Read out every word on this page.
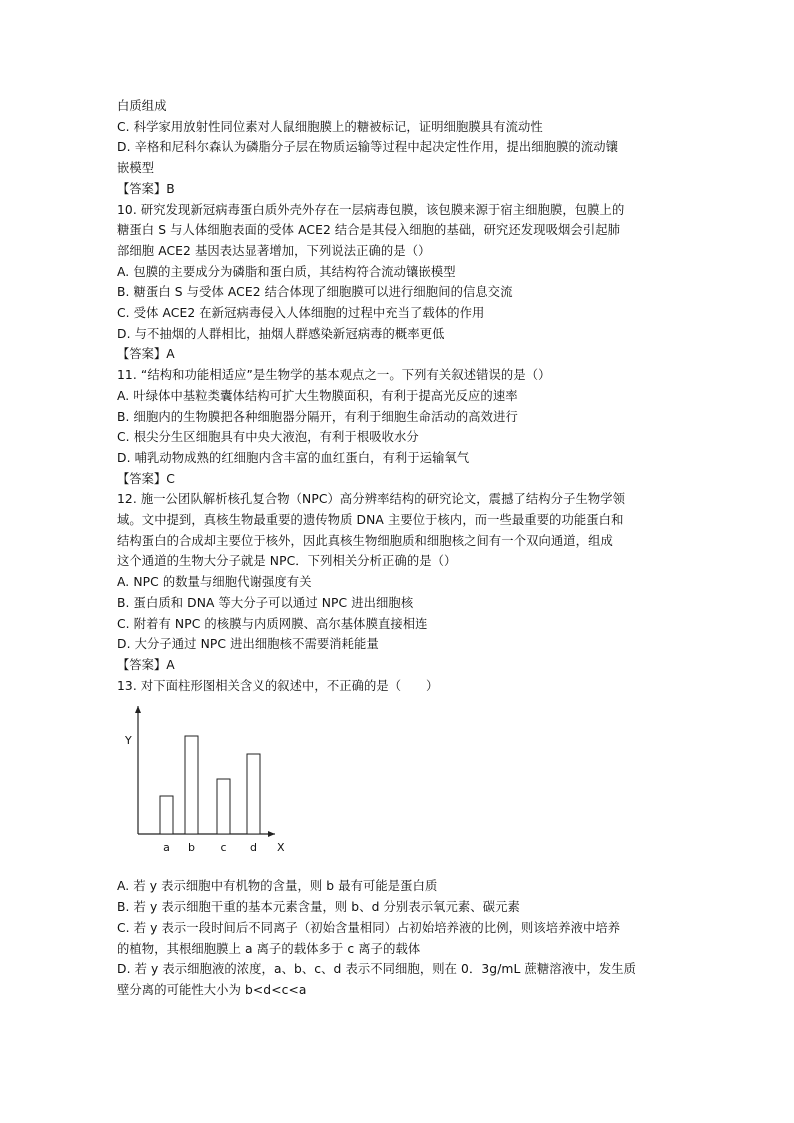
白质组成
C. 科学家用放射性同位素对人鼠细胞膜上的糖被标记，证明细胞膜具有流动性
D. 辛格和尼科尔森认为磷脂分子层在物质运输等过程中起决定性作用，提出细胞膜的流动镶
嵌模型
【答案】B
10. 研究发现新冠病毒蛋白质外壳外存在一层病毒包膜，该包膜来源于宿主细胞膜，包膜上的
糖蛋白 S 与人体细胞表面的受体 ACE2 结合是其侵入细胞的基础，研究还发现吸烟会引起肺
部细胞 ACE2 基因表达显著增加，下列说法正确的是（）
A. 包膜的主要成分为磷脂和蛋白质，其结构符合流动镶嵌模型
B. 糖蛋白 S 与受体 ACE2 结合体现了细胞膜可以进行细胞间的信息交流
C. 受体 ACE2 在新冠病毒侵入人体细胞的过程中充当了载体的作用
D. 与不抽烟的人群相比，抽烟人群感染新冠病毒的概率更低
【答案】A
11. “结构和功能相适应”是生物学的基本观点之一。下列有关叙述错误的是（）
A. 叶绿体中基粒类囊体结构可扩大生物膜面积，有利于提高光反应的速率
B. 细胞内的生物膜把各种细胞器分隔开，有利于细胞生命活动的高效进行
C. 根尖分生区细胞具有中央大液泡，有利于根吸收水分
D. 哺乳动物成熟的红细胞内含丰富的血红蛋白，有利于运输氧气
【答案】C
12. 施一公团队解析核孔复合物（NPC）高分辨率结构的研究论文，震撼了结构分子生物学领
域。文中提到，真核生物最重要的遗传物质 DNA 主要位于核内，而一些最重要的功能蛋白和
结构蛋白的合成却主要位于核外，因此真核生物细胞质和细胞核之间有一个双向通道，组成
这个通道的生物大分子就是 NPC．下列相关分析正确的是（）
A. NPC 的数量与细胞代谢强度有关
B. 蛋白质和 DNA 等大分子可以通过 NPC 进出细胞核
C. 附着有 NPC 的核膜与内质网膜、高尔基体膜直接相连
D. 大分子通过 NPC 进出细胞核不需要消耗能量
【答案】A
13. 对下面柱形图相关含义的叙述中，不正确的是（　　）
Y
X
a b c d
A. 若 y 表示细胞中有机物的含量，则 b 最有可能是蛋白质
B. 若 y 表示细胞干重的基本元素含量，则 b、d 分别表示氧元素、碳元素
C. 若 y 表示一段时间后不同离子（初始含量相同）占初始培养液的比例，则该培养液中培养
的植物，其根细胞膜上 a 离子的载体多于 c 离子的载体
D. 若 y 表示细胞液的浓度，a、b、c、d 表示不同细胞，则在 0．3g/mL 蔗糖溶液中，发生质
壁分离的可能性大小为 b<d<c<a
